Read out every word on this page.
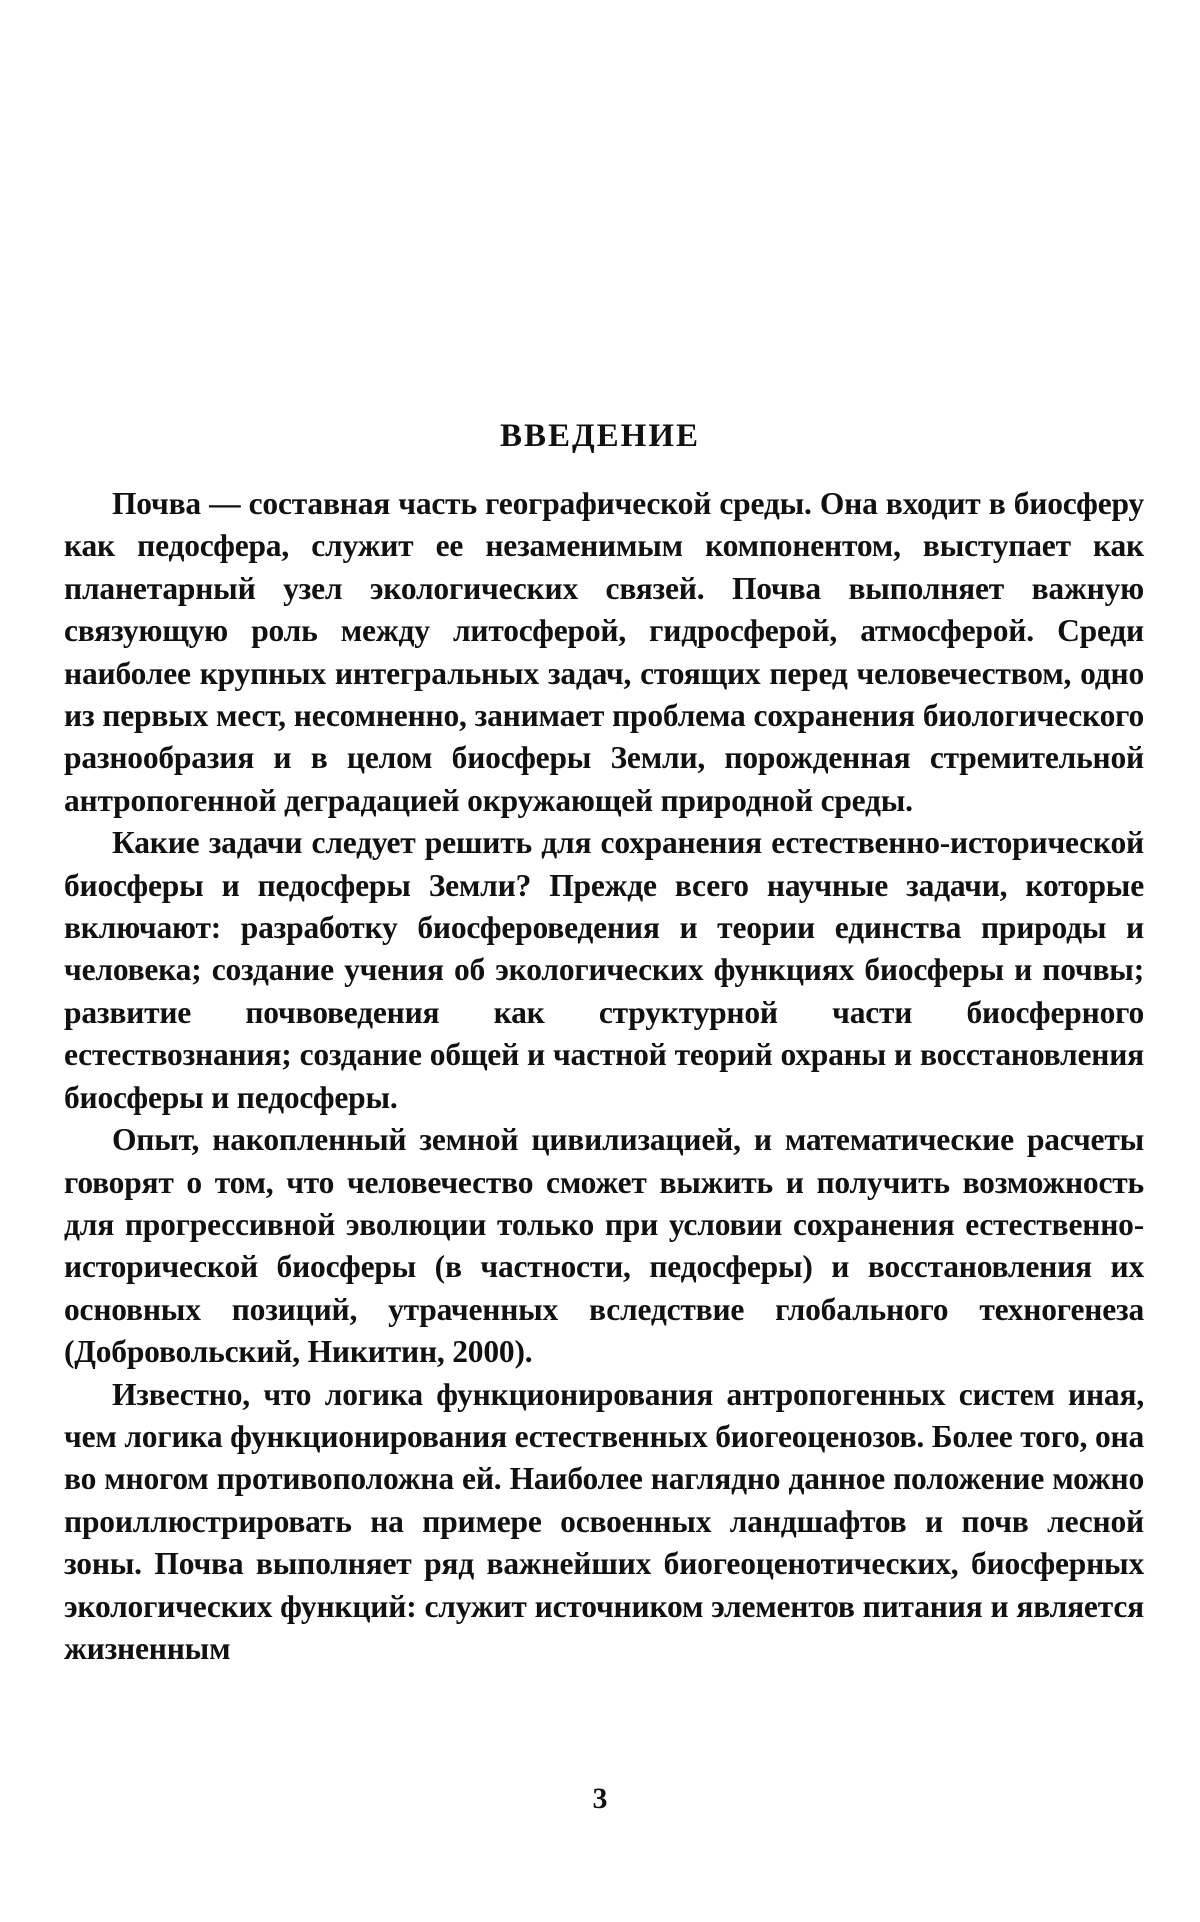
ВВЕДЕНИЕ

Почва — составная часть географической среды. Она входит в биосферу как педосфера, служит ее незаменимым компонентом, выступает как планетарный узел экологических связей. Почва выполняет важную связующую роль между литосферой, гидросферой, атмосферой. Среди наиболее крупных интегральных задач, стоящих перед человечеством, одно из первых мест, несомненно, занимает проблема сохранения биологического разнообразия и в целом биосферы Земли, порожденная стремительной антропогенной деградацией окружающей природной среды.

Какие задачи следует решить для сохранения естественно-исторической биосферы и педосферы Земли? Прежде всего научные задачи, которые включают: разработку биосфероведения и теории единства природы и человека; создание учения об экологических функциях биосферы и почвы; развитие почвоведения как структурной части биосферного естествознания; создание общей и частной теорий охраны и восстановления биосферы и педосферы.

Опыт, накопленный земной цивилизацией, и математические расчеты говорят о том, что человечество сможет выжить и получить возможность для прогрессивной эволюции только при условии сохранения естественно-исторической биосферы (в частности, педосферы) и восстановления их основных позиций, утраченных вследствие глобального техногенеза (Добровольский, Никитин, 2000).

Известно, что логика функционирования антропогенных систем иная, чем логика функционирования естественных биогеоценозов. Более того, она во многом противоположна ей. Наиболее наглядно данное положение можно проиллюстрировать на примере освоенных ландшафтов и почв лесной зоны. Почва выполняет ряд важнейших биогеоценотических, биосферных экологических функций: служит источником элементов питания и является жизненным

3
